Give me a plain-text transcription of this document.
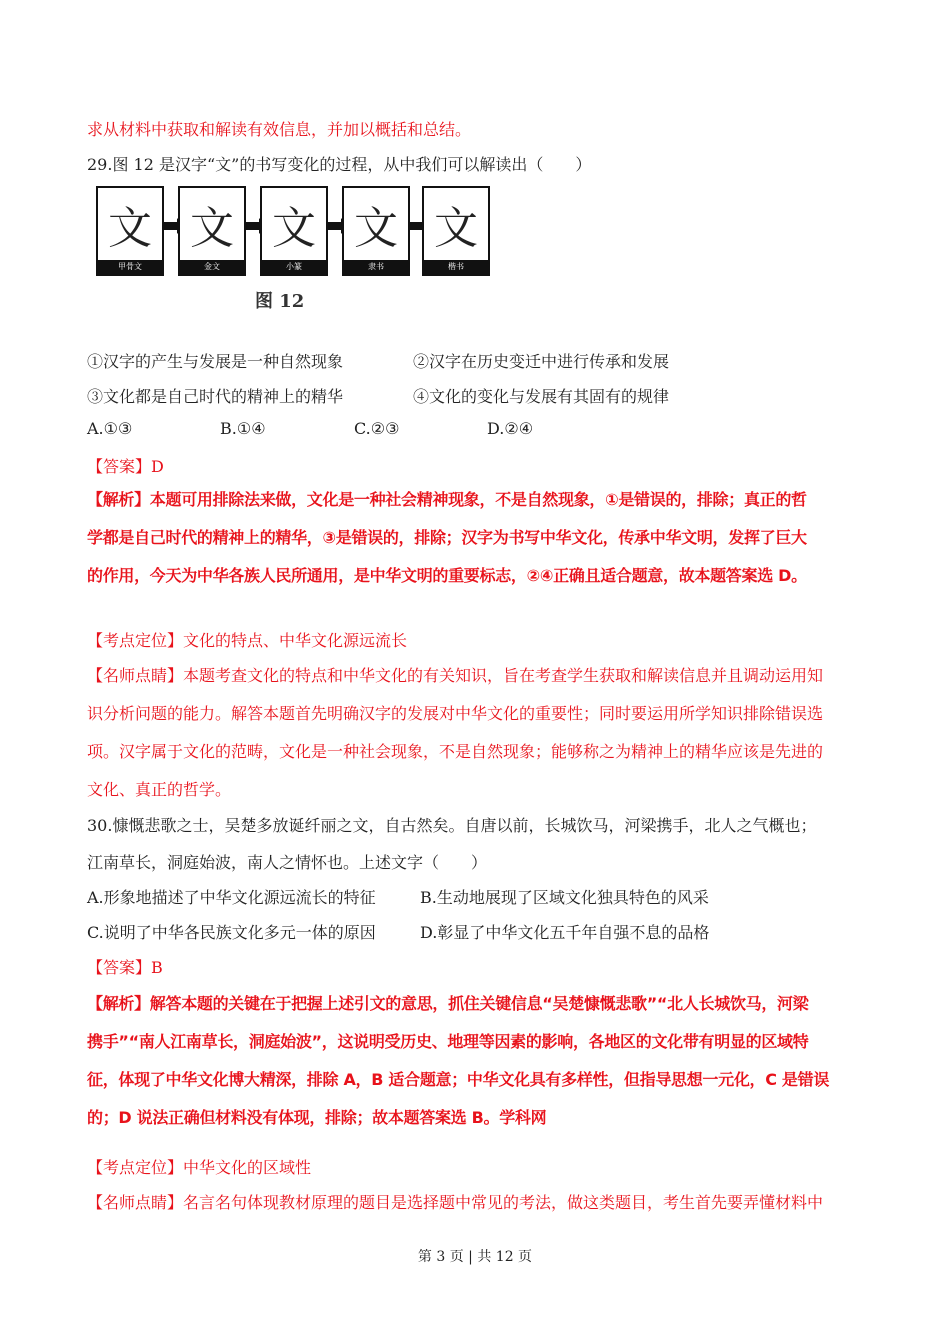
求从材料中获取和解读有效信息，并加以概括和总结。
29.图 12 是汉字“文”的书写变化的过程，从中我们可以解读出（　　）
文
甲骨文
文
金文
文
小篆
文
隶书
文
楷书
图 12
①汉字的产生与发展是一种自然现象	②汉字在历史变迁中进行传承和发展
③文化都是自己时代的精神上的精华	④文化的变化与发展有其固有的规律
A.①③	B.①④	C.②③	D.②④
【答案】D
【解析】本题可用排除法来做，文化是一种社会精神现象，不是自然现象，①是错误的，排除；真正的哲
学都是自己时代的精神上的精华，③是错误的，排除；汉字为书写中华文化，传承中华文明，发挥了巨大
的作用，今天为中华各族人民所通用，是中华文明的重要标志，②④正确且适合题意，故本题答案选 D。
【考点定位】文化的特点、中华文化源远流长
【名师点睛】本题考查文化的特点和中华文化的有关知识，旨在考查学生获取和解读信息并且调动运用知
识分析问题的能力。解答本题首先明确汉字的发展对中华文化的重要性；同时要运用所学知识排除错误选
项。汉字属于文化的范畴，文化是一种社会现象，不是自然现象；能够称之为精神上的精华应该是先进的
文化、真正的哲学。
30.慷慨悲歌之士，吴楚多放诞纤丽之文，自古然矣。自唐以前，长城饮马，河梁携手，北人之气概也；
江南草长，洞庭始波，南人之情怀也。上述文字（　　）
A.形象地描述了中华文化源远流长的特征	B.生动地展现了区域文化独具特色的风采
C.说明了中华各民族文化多元一体的原因	D.彰显了中华文化五千年自强不息的品格
【答案】B
【解析】解答本题的关键在于把握上述引文的意思，抓住关键信息“吴楚慷慨悲歌”“北人长城饮马，河梁
携手”“南人江南草长，洞庭始波”，这说明受历史、地理等因素的影响，各地区的文化带有明显的区域特
征，体现了中华文化博大精深，排除 A，B 适合题意；中华文化具有多样性，但指导思想一元化，C 是错误
的；D 说法正确但材料没有体现，排除；故本题答案选 B。学科网
【考点定位】中华文化的区域性
【名师点睛】名言名句体现教材原理的题目是选择题中常见的考法，做这类题目，考生首先要弄懂材料中
第 3 页 | 共 12 页
